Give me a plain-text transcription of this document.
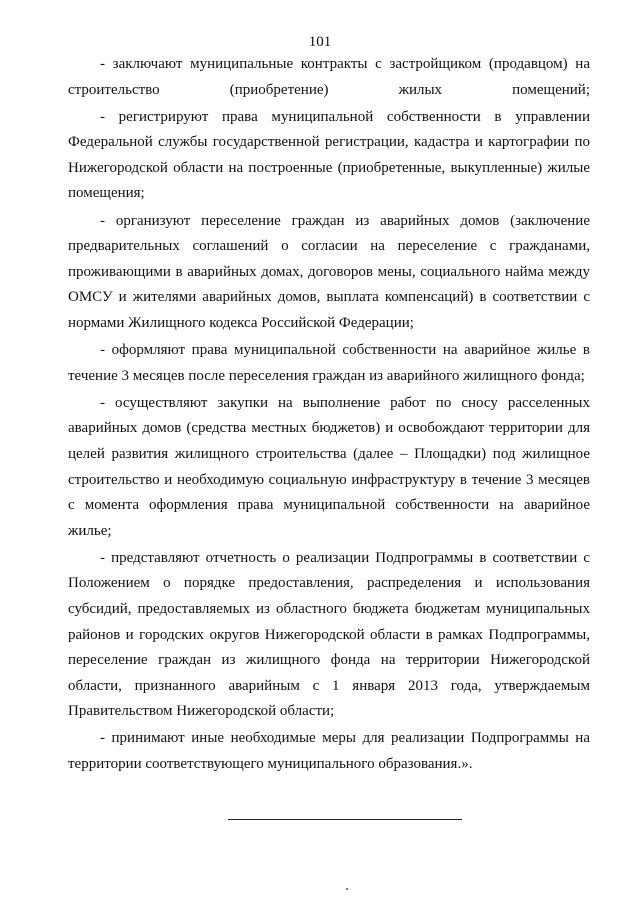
101

- заключают муниципальные контракты с застройщиком (продавцом) на строительство (приобретение) жилых помещений;

- регистрируют права муниципальной собственности в управлении Федеральной службы государственной регистрации, кадастра и картографии по Нижегородской области на построенные (приобретенные, выкупленные) жилые помещения;

- организуют переселение граждан из аварийных домов (заключение предварительных соглашений о согласии на переселение с гражданами, проживающими в аварийных домах, договоров мены, социального найма между ОМСУ и жителями аварийных домов, выплата компенсаций) в соответствии с нормами Жилищного кодекса Российской Федерации;

- оформляют права муниципальной собственности на аварийное жилье в течение 3 месяцев после переселения граждан из аварийного жилищного фонда;

- осуществляют закупки на выполнение работ по сносу расселенных аварийных домов (средства местных бюджетов) и освобождают территории для целей развития жилищного строительства (далее – Площадки) под жилищное строительство и необходимую социальную инфраструктуру в течение 3 месяцев с момента оформления права муниципальной собственности на аварийное жилье;

- представляют отчетность о реализации Подпрограммы в соответствии с Положением о порядке предоставления, распределения и использования субсидий, предоставляемых из областного бюджета бюджетам муниципальных районов и городских округов Нижегородской области в рамках Подпрограммы, переселение граждан из жилищного фонда на территории Нижегородской области, признанного аварийным с 1 января 2013 года, утверждаемым Правительством Нижегородской области;

- принимают иные необходимые меры для реализации Подпрограммы на территории соответствующего муниципального образования.».
